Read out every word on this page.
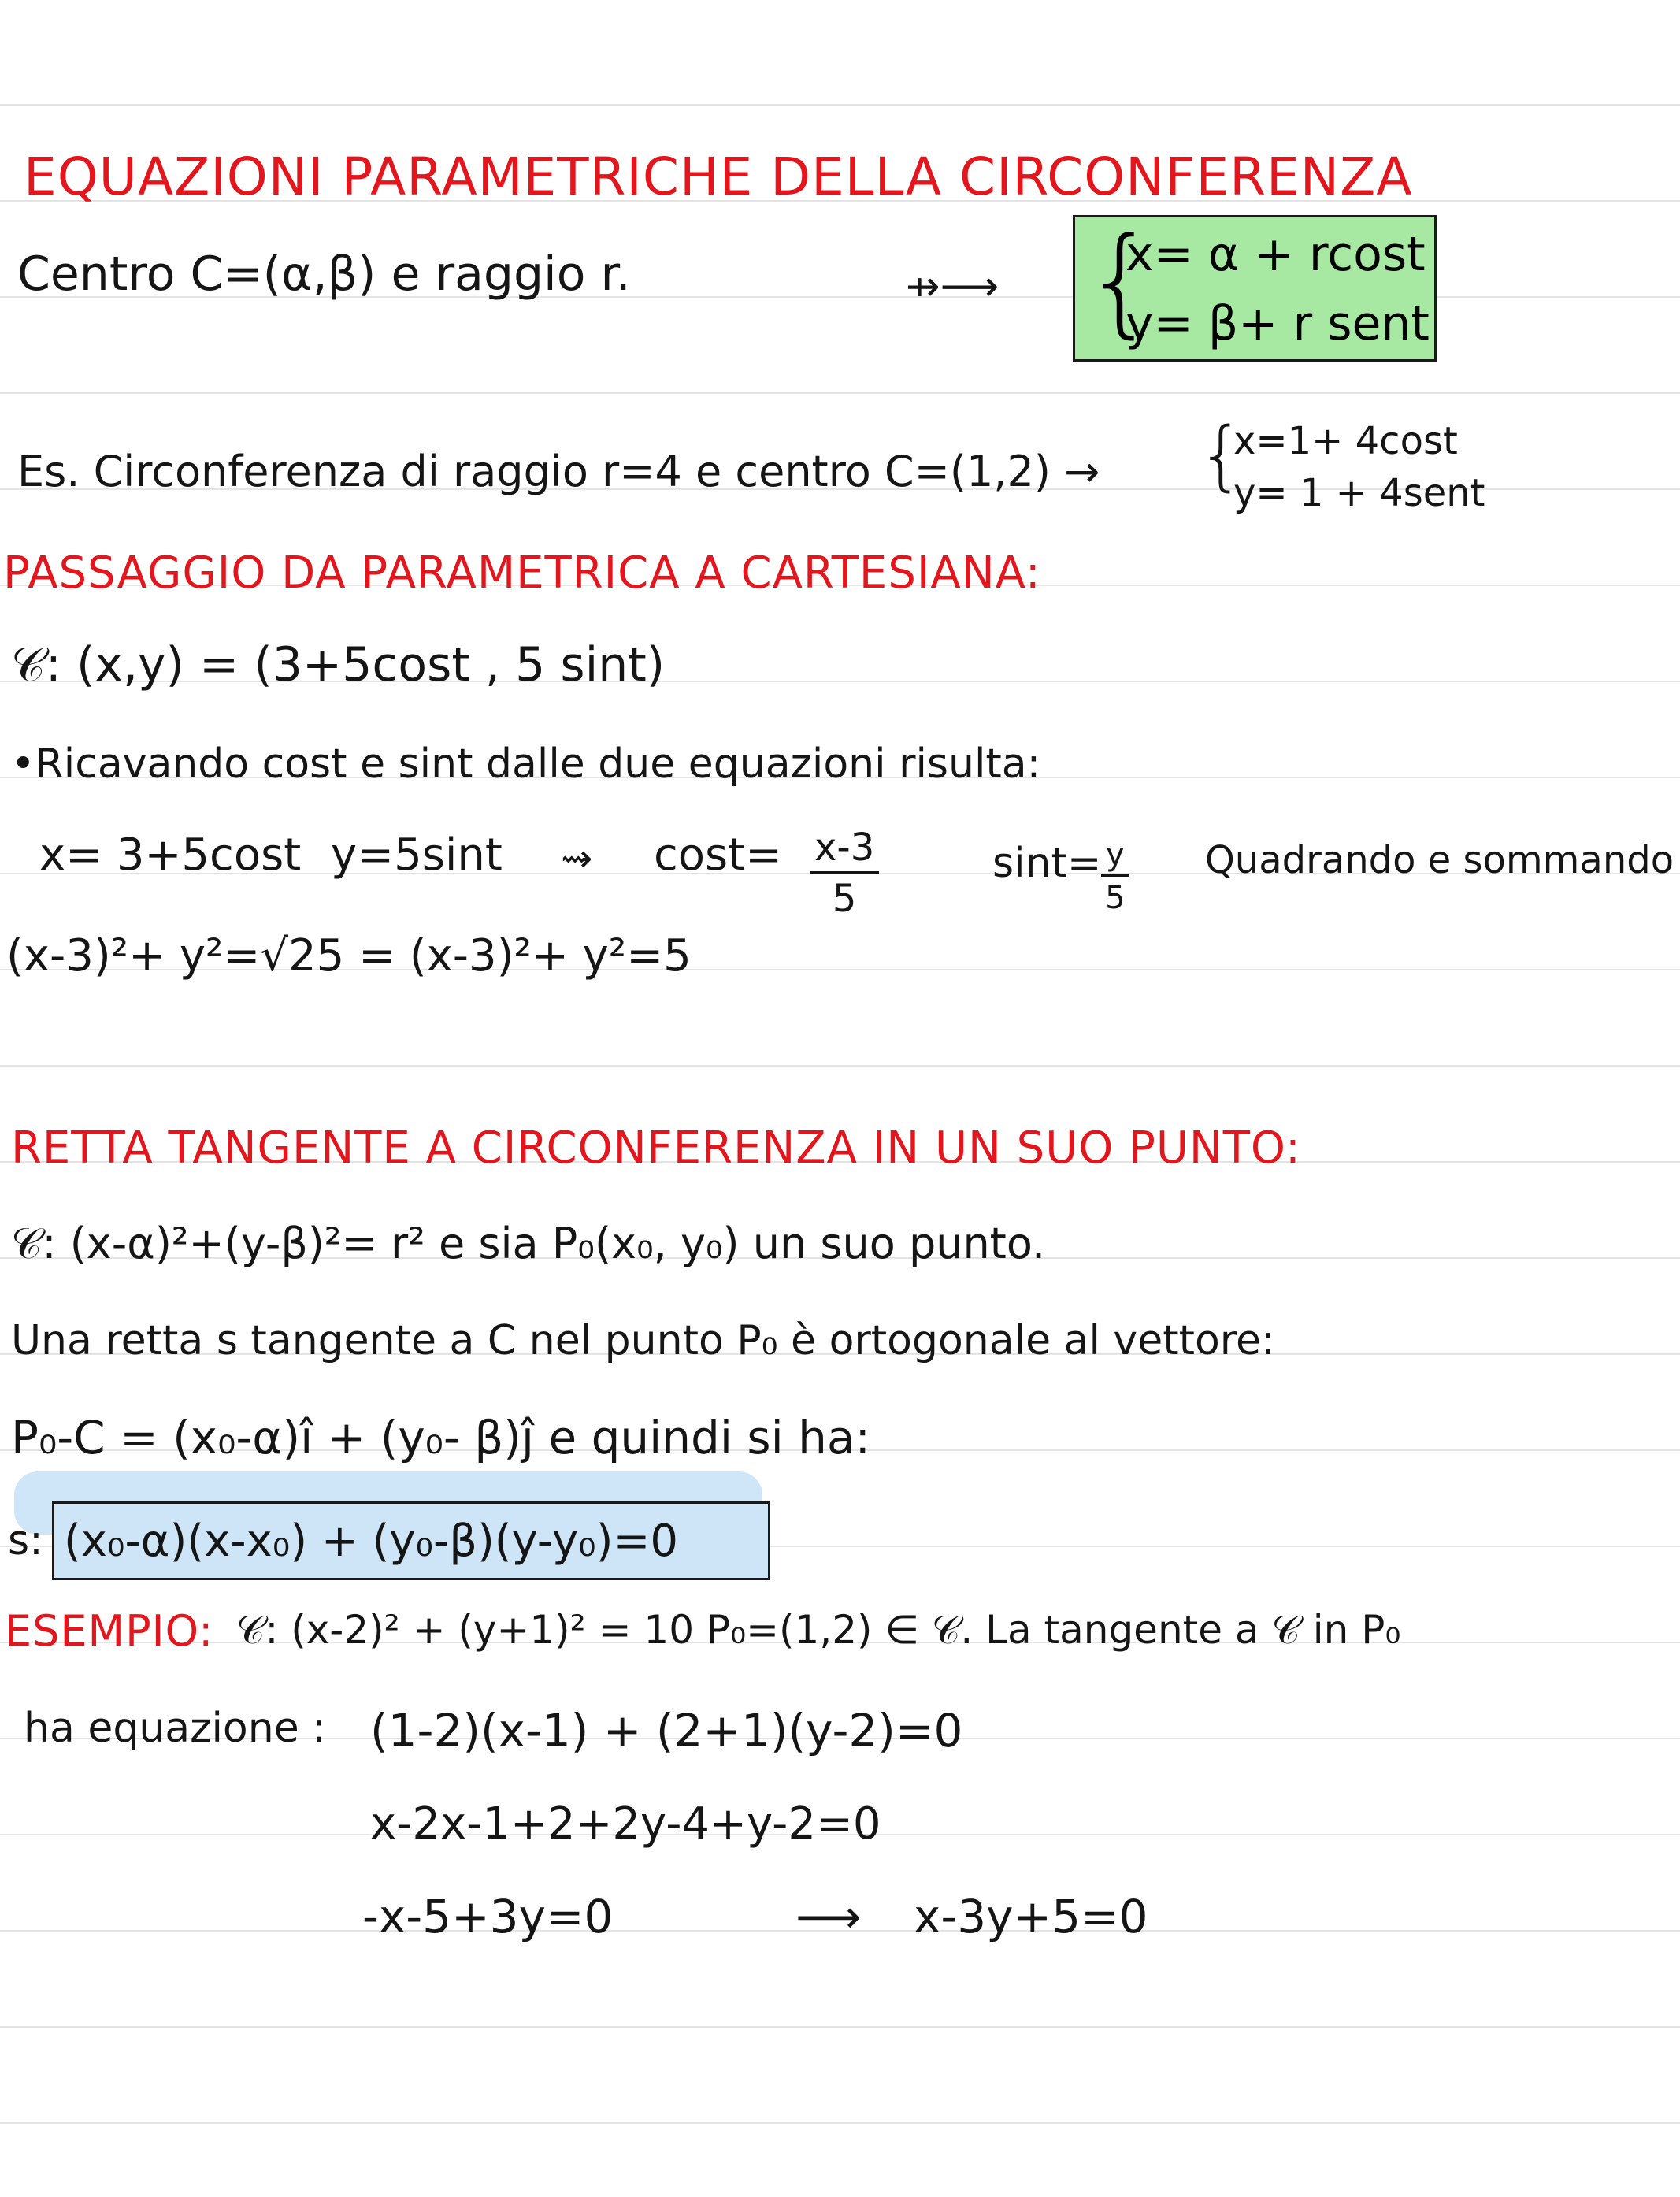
EQUAZIONI PARAMETRICHE DELLA CIRCONFERENZA
Centro C=(α,β) e raggio r.	⇸⟶ {
x= α + rcost
y= β+ r sent
Es. Circonferenza di raggio r=4 e centro C=(1,2) → {
x=1+ 4cost
y= 1 + 4sent
PASSAGGIO DA PARAMETRICA A CARTESIANA:
𝒞: (x,y) = (3+5cost , 5 sint)
•Ricavando cost e sint dalle due equazioni risulta:
x= 3+5cost y=5sint ⇝ $\cos t= \frac{x-3}{5}$	$\sin t= \frac{y}{5}$ Quadrando e sommando
(x-3)²+ y²=√25 = (x-3)²+ y²=5
RETTA TANGENTE A CIRCONFERENZA IN UN SUO PUNTO:
𝒞: (x-α)²+(y-β)²= r² e sia P₀(x₀, y₀) un suo punto.
Una retta s tangente a C nel punto P₀ è ortogonale al vettore:
P₀-C = (x₀-α)î + (y₀- β)ĵ e quindi si ha:
s: (x₀-α)(x-x₀) + (y₀-β)(y-y₀)=0
ESEMPIO: 𝒞: (x-2)² + (y+1)² = 10 P₀=(1,2) ∈ 𝒞. La tangente a 𝒞 in P₀
ha equazione : (1-2)(x-1) + (2+1)(y-2)=0
x-2x-1+2+2y-4+y-2=0
-x-5+3y=0	⟶ x-3y+5=0
